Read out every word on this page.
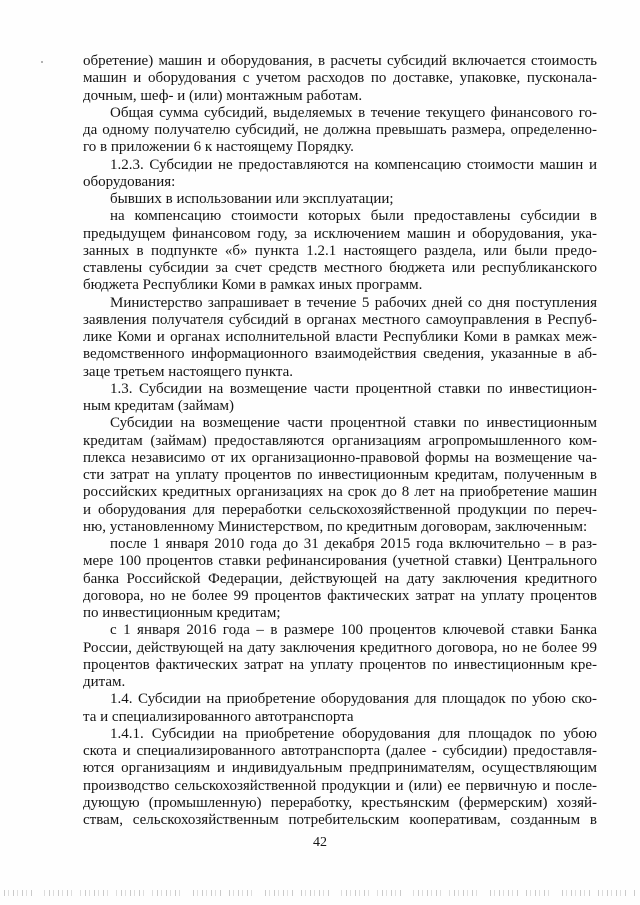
обретение) машин и оборудования, в расчеты субсидий включается стоимость
машин и оборудования с учетом расходов по доставке, упаковке, пусконала-
дочным, шеф- и (или) монтажным работам.
Общая сумма субсидий, выделяемых в течение текущего финансового го-
да одному получателю субсидий, не должна превышать размера, определенно-
го в приложении 6 к настоящему Порядку.
1.2.3. Субсидии не предоставляются на компенсацию стоимости машин и
оборудования:
бывших в использовании или эксплуатации;
на компенсацию стоимости которых были предоставлены субсидии в
предыдущем финансовом году, за исключением машин и оборудования, ука-
занных в подпункте «б» пункта 1.2.1 настоящего раздела, или были предо-
ставлены субсидии за счет средств местного бюджета или республиканского
бюджета Республики Коми в рамках иных программ.
Министерство запрашивает в течение 5 рабочих дней со дня поступления
заявления получателя субсидий в органах местного самоуправления в Респуб-
лике Коми и органах исполнительной власти Республики Коми в рамках меж-
ведомственного информационного взаимодействия сведения, указанные в аб-
заце третьем настоящего пункта.
1.3. Субсидии на возмещение части процентной ставки по инвестицион-
ным кредитам (займам)
Субсидии на возмещение части процентной ставки по инвестиционным
кредитам (займам) предоставляются организациям агропромышленного ком-
плекса независимо от их организационно-правовой формы на возмещение ча-
сти затрат на уплату процентов по инвестиционным кредитам, полученным в
российских кредитных организациях на срок до 8 лет на приобретение машин
и оборудования для переработки сельскохозяйственной продукции по переч-
ню, установленному Министерством, по кредитным договорам, заключенным:
после 1 января 2010 года до 31 декабря 2015 года включительно – в раз-
мере 100 процентов ставки рефинансирования (учетной ставки) Центрального
банка Российской Федерации, действующей на дату заключения кредитного
договора, но не более 99 процентов фактических затрат на уплату процентов
по инвестиционным кредитам;
с 1 января 2016 года – в размере 100 процентов ключевой ставки Банка
России, действующей на дату заключения кредитного договора, но не более 99
процентов фактических затрат на уплату процентов по инвестиционным кре-
дитам.
1.4. Субсидии на приобретение оборудования для площадок по убою ско-
та и специализированного автотранспорта
1.4.1. Субсидии на приобретение оборудования для площадок по убою
скота и специализированного автотранспорта (далее - субсидии) предоставля-
ются организациям и индивидуальным предпринимателям, осуществляющим
производство сельскохозяйственной продукции и (или) ее первичную и после-
дующую (промышленную) переработку, крестьянским (фермерским) хозяй-
ствам, сельскохозяйственным потребительским кооперативам, созданным в
42
